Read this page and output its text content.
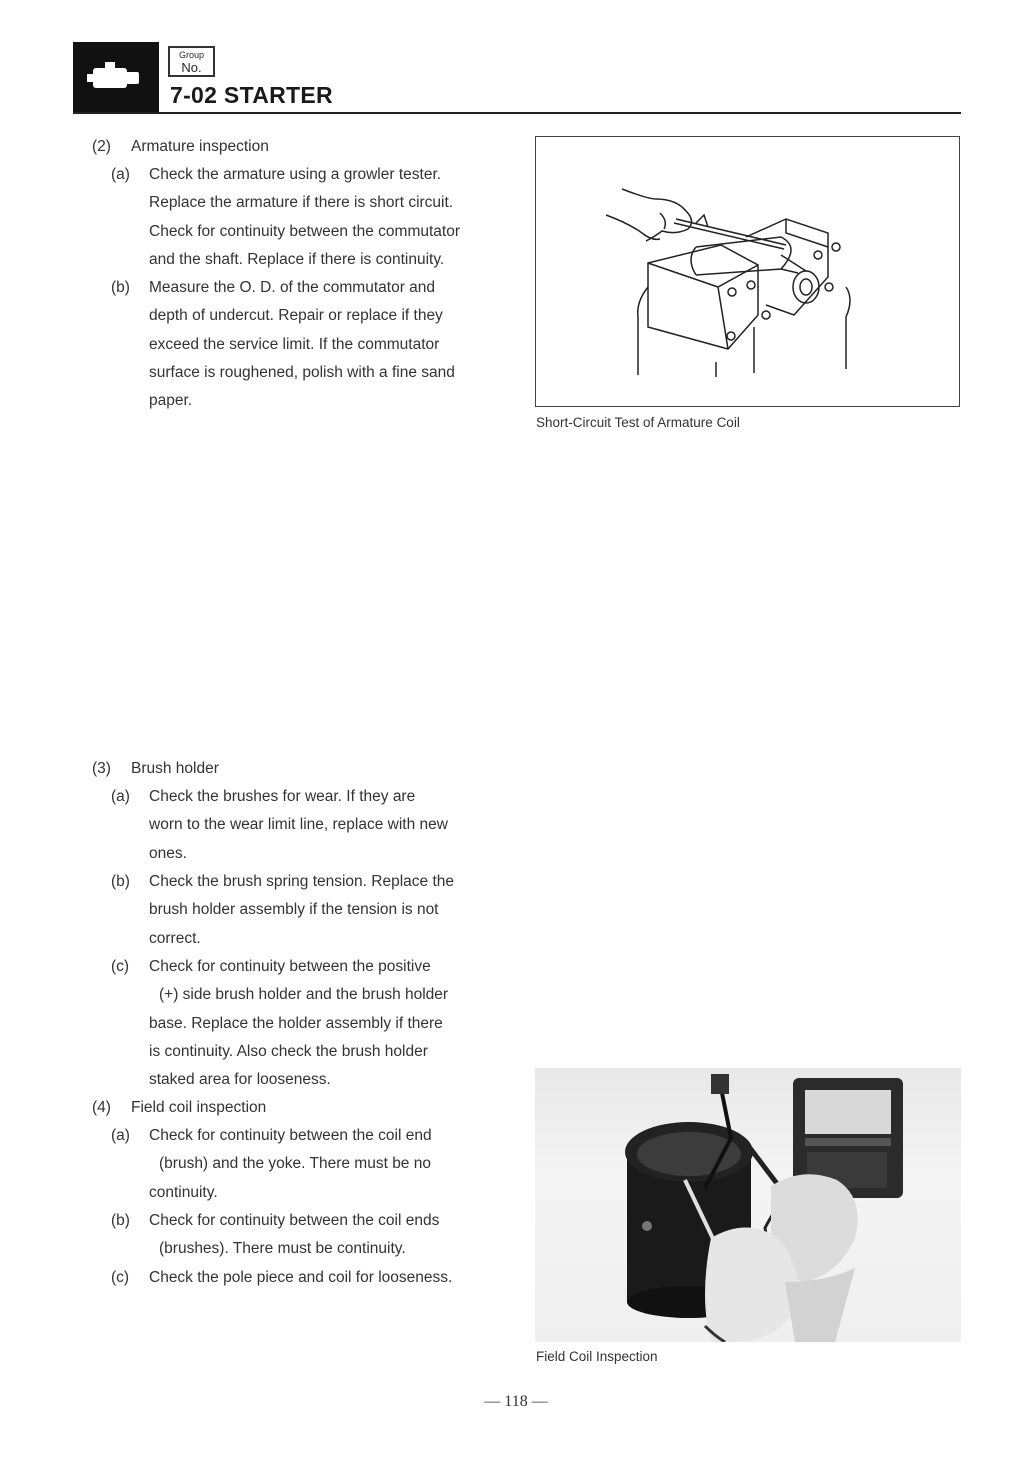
Group
No.
7-02 STARTER
(2) Armature inspection

(a) Check the armature using a growler tester.
Replace the armature if there is short circuit.
Check for continuity between the commutator
and the shaft. Replace if there is continuity.
(b) Measure the O. D. of the commutator and
depth of undercut. Repair or replace if they
exceed the service limit. If the commutator
surface is roughened, polish with a fine sand
paper.

Short-Circuit Test of Armature Coil

(3) Brush holder

(a) Check the brushes for wear. If they are
worn to the wear limit line, replace with new
ones.
(b) Check the brush spring tension. Replace the
brush holder assembly if the tension is not
correct.
(c) Check for continuity between the positive
(+) side brush holder and the brush holder
base. Replace the holder assembly if there
is continuity. Also check the brush holder
staked area for looseness.
(4) Field coil inspection

(a) Check for continuity between the coil end
(brush) and the yoke. There must be no
continuity.
(b) Check for continuity between the coil ends
(brushes). There must be continuity.
(c) Check the pole piece and coil for looseness.

Field Coil Inspection

— 118 —
